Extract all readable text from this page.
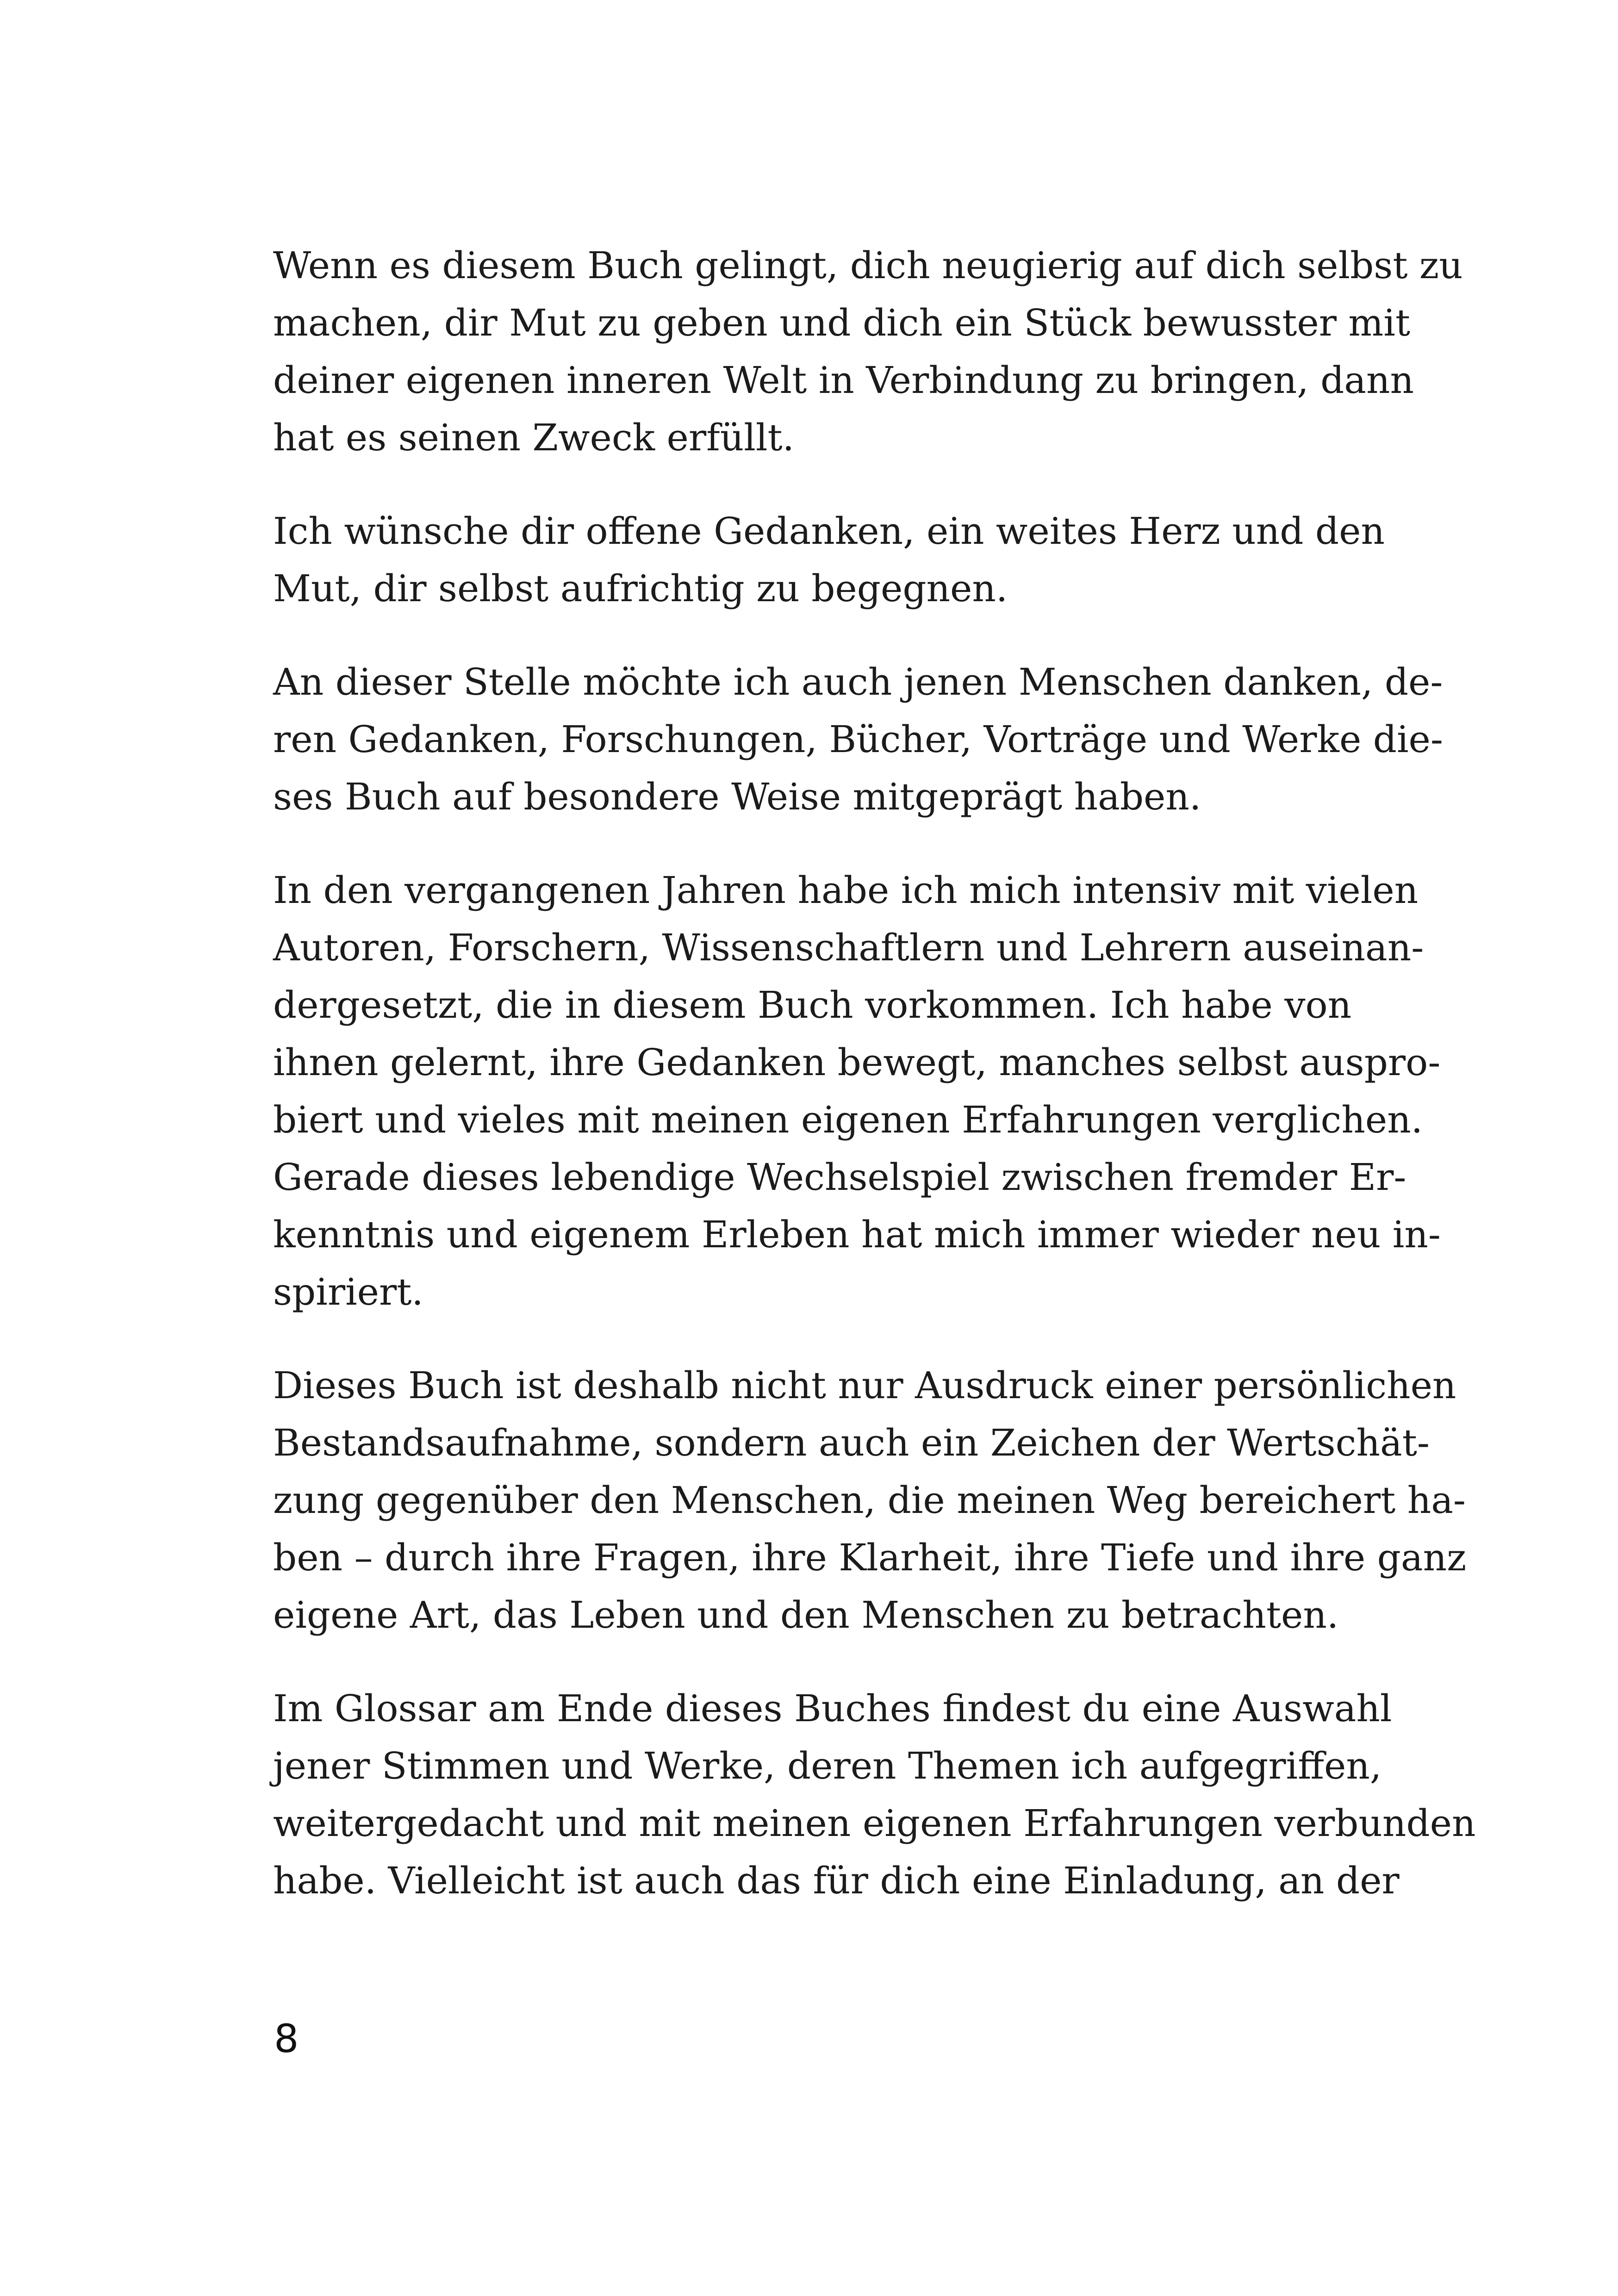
Wenn es diesem Buch gelingt, dich neugierig auf dich selbst zu
machen, dir Mut zu geben und dich ein Stück bewusster mit
deiner eigenen inneren Welt in Verbindung zu bringen, dann
hat es seinen Zweck erfüllt.

Ich wünsche dir offene Gedanken, ein weites Herz und den
Mut, dir selbst aufrichtig zu begegnen.

An dieser Stelle möchte ich auch jenen Menschen danken, de-
ren Gedanken, Forschungen, Bücher, Vorträge und Werke die-
ses Buch auf besondere Weise mitgeprägt haben.

In den vergangenen Jahren habe ich mich intensiv mit vielen
Autoren, Forschern, Wissenschaftlern und Lehrern auseinan-
dergesetzt, die in diesem Buch vorkommen. Ich habe von
ihnen gelernt, ihre Gedanken bewegt, manches selbst auspro-
biert und vieles mit meinen eigenen Erfahrungen verglichen.
Gerade dieses lebendige Wechselspiel zwischen fremder Er-
kenntnis und eigenem Erleben hat mich immer wieder neu in-
spiriert.

Dieses Buch ist deshalb nicht nur Ausdruck einer persönlichen
Bestandsaufnahme, sondern auch ein Zeichen der Wertschät-
zung gegenüber den Menschen, die meinen Weg bereichert ha-
ben – durch ihre Fragen, ihre Klarheit, ihre Tiefe und ihre ganz
eigene Art, das Leben und den Menschen zu betrachten.

Im Glossar am Ende dieses Buches findest du eine Auswahl
jener Stimmen und Werke, deren Themen ich aufgegriffen,
weitergedacht und mit meinen eigenen Erfahrungen verbunden
habe. Vielleicht ist auch das für dich eine Einladung, an der

8
